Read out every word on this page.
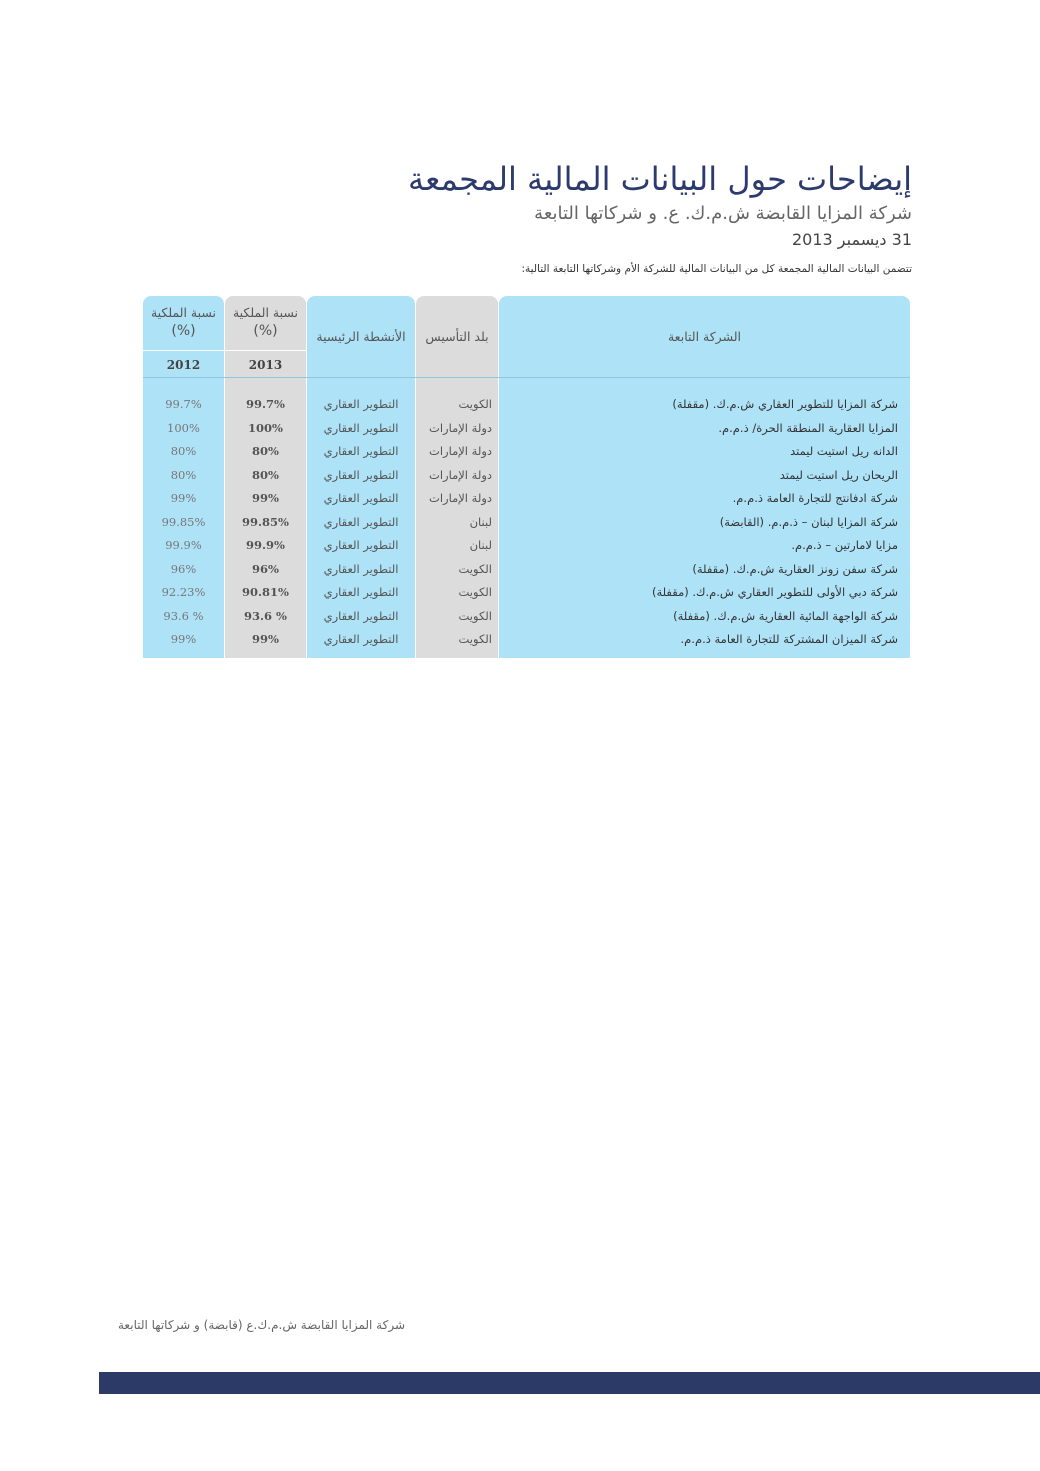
إيضاحات حول البيانات المالية المجمعة
شركة المزايا القابضة ش.م.ك. ع. و شركاتها التابعة
31 ديسمبر 2013
تتضمن البيانات المالية المجمعة كل من البيانات المالية للشركة الأم وشركاتها التابعة التالية:
الشركة التابعة
بلد التأسيس
الأنشطة الرئيسية
نسبة الملكية
(%)
نسبة الملكية
(%)
2013
2012
شركة المزايا للتطوير العقاري ش.م.ك. (مقفلة)
الكويت
التطوير العقاري
99.7%
99.7%
المزايا العقارية المنطقة الحرة/ ذ.م.م.
دولة الإمارات
التطوير العقاري
100%
100%
الدانه ريل استيت ليمتد
دولة الإمارات
التطوير العقاري
80%
80%
الريحان ريل استيت ليمتد
دولة الإمارات
التطوير العقاري
80%
80%
شركة ادفانتج للتجارة العامة ذ.م.م.
دولة الإمارات
التطوير العقاري
99%
99%
شركة المزايا لبنان – ذ.م.م. (القابضة)
لبنان
التطوير العقاري
99.85%
99.85%
مزايا لامارتين – ذ.م.م.
لبنان
التطوير العقاري
99.9%
99.9%
شركة سفن زونز العقارية ش.م.ك. (مقفلة)
الكويت
التطوير العقاري
96%
96%
شركة دبي الأولى للتطوير العقاري ش.م.ك. (مقفلة)
الكويت
التطوير العقاري
90.81%
92.23%
شركة الواجهة المائية العقارية ش.م.ك. (مقفلة)
الكويت
التطوير العقاري
93.6 %
93.6 %
شركة الميزان المشتركة للتجارة العامة ذ.م.م.
الكويت
التطوير العقاري
99%
99%
شركة المزايا القابضة ش.م.ك.ع (قابضة) و شركاتها التابعة
